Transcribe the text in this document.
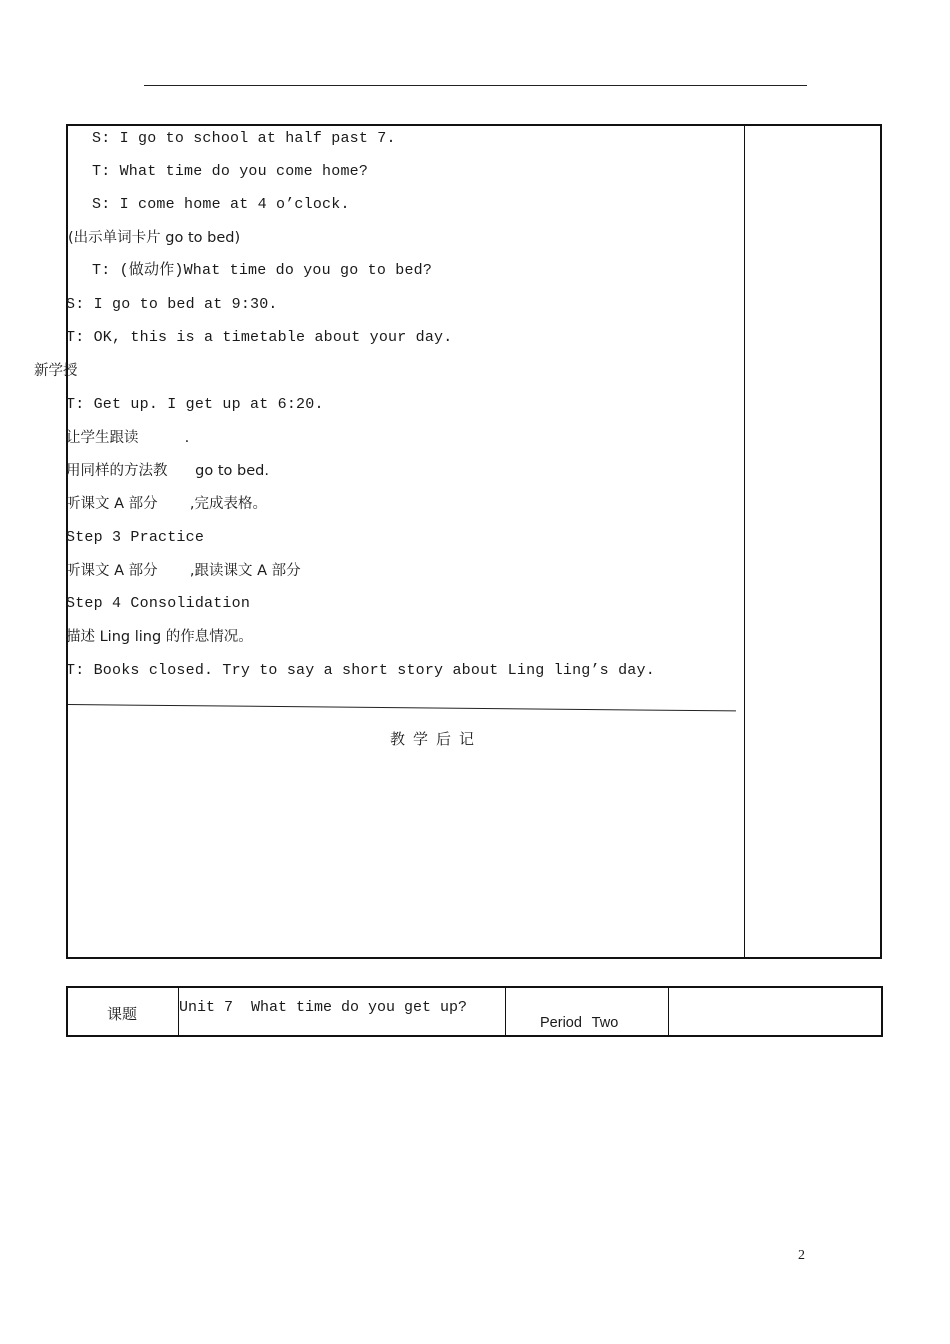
S: I go to school at half past 7.
T: What time do you come home?
S: I come home at 4 o’clock.
(出示单词卡片 go to bed)
T: (做动作)What time do you go to bed?
S: I go to bed at 9:30.
T: OK, this is a timetable about your day.
新学授
T: Get up. I get up at 6:20.
让学生跟读          .
用同样的方法教      go to bed.
听课文 A 部分       ,完成表格。
Step 3 Practice
听课文 A 部分       ,跟读课文 A 部分
Step 4 Consolidation
描述 Ling ling 的作息情况。
T: Books closed. Try to say a short story about Ling ling’s day.
教学后记
课题	Unit 7  What time do you get up?
Period Two
2
